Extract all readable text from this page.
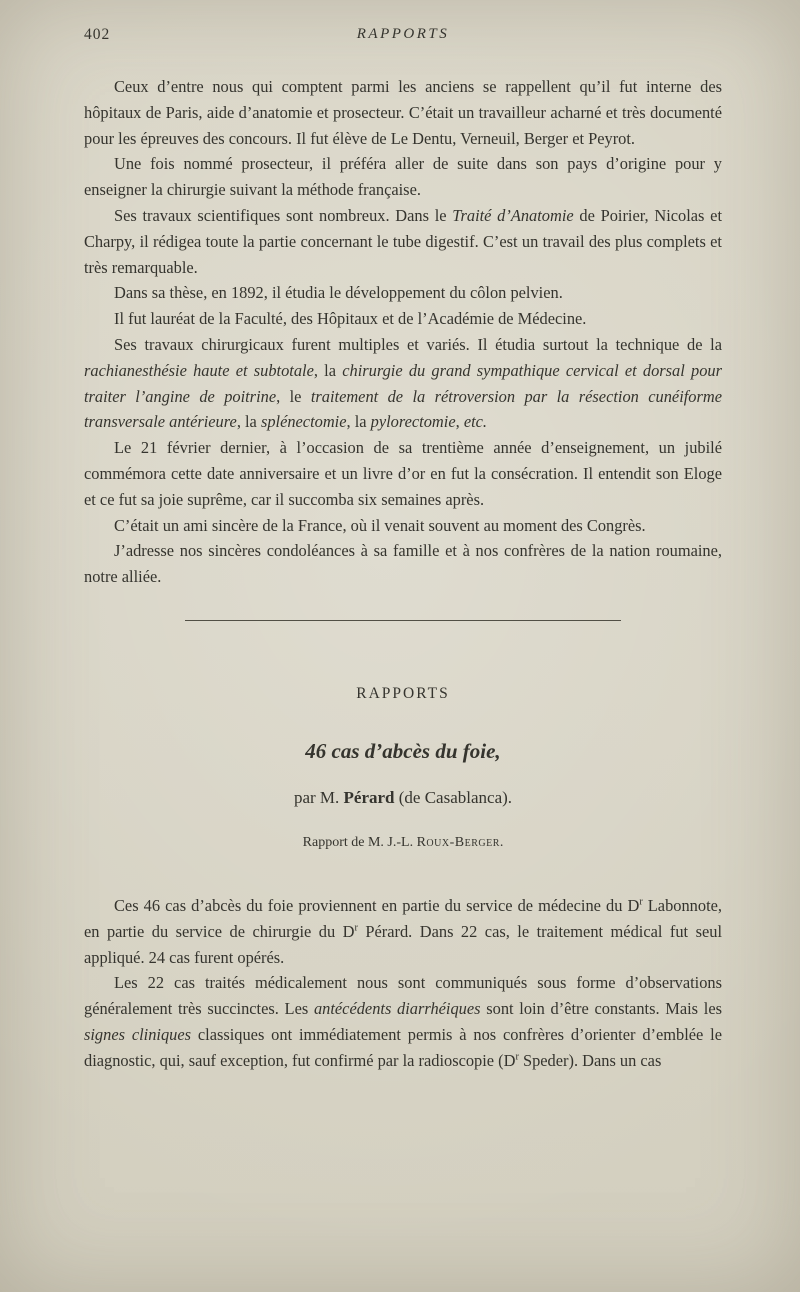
402	RAPPORTS

Ceux d’entre nous qui comptent parmi les anciens se rappellent qu’il fut interne des hôpitaux de Paris, aide d’anatomie et prosecteur. C’était un travailleur acharné et très documenté pour les épreuves des concours. Il fut élève de Le Dentu, Verneuil, Berger et Peyrot.

Une fois nommé prosecteur, il préféra aller de suite dans son pays d’origine pour y enseigner la chirurgie suivant la méthode française.

Ses travaux scientifiques sont nombreux. Dans le Traité d’Anatomie de Poirier, Nicolas et Charpy, il rédigea toute la partie concernant le tube digestif. C’est un travail des plus complets et très remarquable.

Dans sa thèse, en 1892, il étudia le développement du côlon pelvien.

Il fut lauréat de la Faculté, des Hôpitaux et de l’Académie de Médecine.

Ses travaux chirurgicaux furent multiples et variés. Il étudia surtout la technique de la rachianesthésie haute et subtotale, la chirurgie du grand sympathique cervical et dorsal pour traiter l’angine de poitrine, le traitement de la rétroversion par la résection cunéiforme transversale antérieure, la splénectomie, la pylorectomie, etc.

Le 21 février dernier, à l’occasion de sa trentième année d’enseignement, un jubilé commémora cette date anniversaire et un livre d’or en fut la consécration. Il entendit son Eloge et ce fut sa joie suprême, car il succomba six semaines après.

C’était un ami sincère de la France, où il venait souvent au moment des Congrès.

J’adresse nos sincères condoléances à sa famille et à nos confrères de la nation roumaine, notre alliée.

RAPPORTS
46 cas d’abcès du foie,

par M. Pérard (de Casablanca).

Rapport de M. J.-L. Roux-Berger.

Ces 46 cas d’abcès du foie proviennent en partie du service de médecine du $D^r$ Labonnote, en partie du service de chirurgie du $D^r$ Pérard. Dans 22 cas, le traitement médical fut seul appliqué. 24 cas furent opérés.

Les 22 cas traités médicalement nous sont communiqués sous forme d’observations généralement très succinctes. Les antécédents diarrhéiques sont loin d’être constants. Mais les signes cliniques classiques ont immédiatement permis à nos confrères d’orienter d’emblée le diagnostic, qui, sauf exception, fut confirmé par la radioscopie ($D^r$ Speder). Dans un cas
